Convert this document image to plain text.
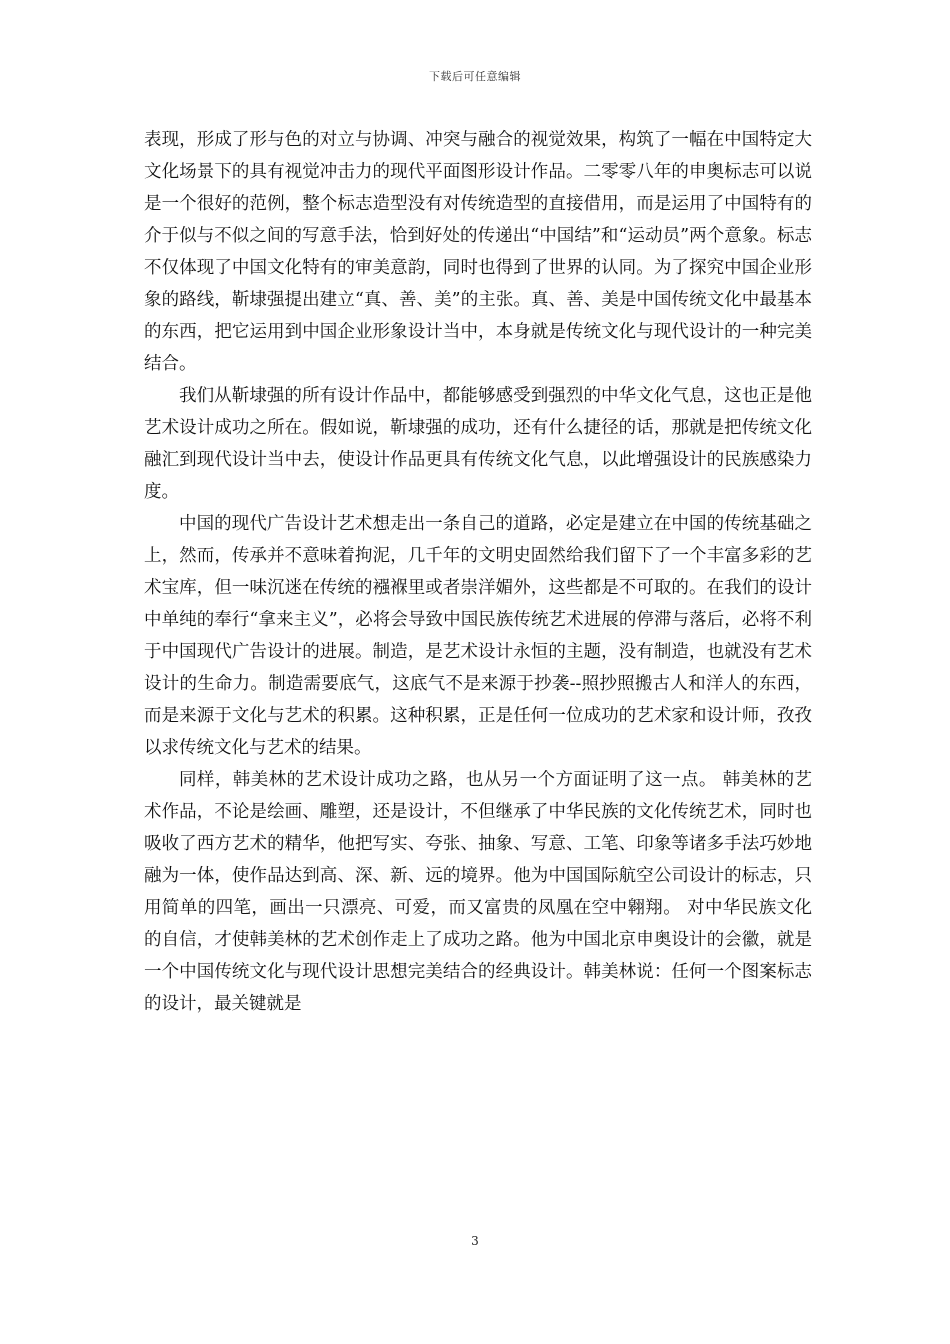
下载后可任意编辑

表现，形成了形与色的对立与协调、冲突与融合的视觉效果，构筑了一幅在中国特定大文化场景下的具有视觉冲击力的现代平面图形设计作品。二零零八年的申奥标志可以说是一个很好的范例，整个标志造型没有对传统造型的直接借用，而是运用了中国特有的介于似与不似之间的写意手法，恰到好处的传递出“中国结”和“运动员”两个意象。标志不仅体现了中国文化特有的审美意韵，同时也得到了世界的认同。为了探究中国企业形象的路线，靳埭强提出建立“真、善、美”的主张。真、善、美是中国传统文化中最基本的东西，把它运用到中国企业形象设计当中，本身就是传统文化与现代设计的一种完美结合。

我们从靳埭强的所有设计作品中，都能够感受到强烈的中华文化气息，这也正是他艺术设计成功之所在。假如说，靳埭强的成功，还有什么捷径的话，那就是把传统文化融汇到现代设计当中去，使设计作品更具有传统文化气息，以此增强设计的民族感染力度。

中国的现代广告设计艺术想走出一条自己的道路，必定是建立在中国的传统基础之上，然而，传承并不意味着拘泥，几千年的文明史固然给我们留下了一个丰富多彩的艺术宝库，但一味沉迷在传统的襁褓里或者崇洋媚外，这些都是不可取的。在我们的设计中单纯的奉行“拿来主义”，必将会导致中国民族传统艺术进展的停滞与落后，必将不利于中国现代广告设计的进展。制造，是艺术设计永恒的主题，没有制造，也就没有艺术设计的生命力。制造需要底气，这底气不是来源于抄袭--照抄照搬古人和洋人的东西，而是来源于文化与艺术的积累。这种积累，正是任何一位成功的艺术家和设计师，孜孜以求传统文化与艺术的结果。

同样，韩美林的艺术设计成功之路，也从另一个方面证明了这一点。 韩美林的艺术作品，不论是绘画、雕塑，还是设计，不但继承了中华民族的文化传统艺术，同时也吸收了西方艺术的精华，他把写实、夸张、抽象、写意、工笔、印象等诸多手法巧妙地融为一体，使作品达到高、深、新、远的境界。他为中国国际航空公司设计的标志，只用简单的四笔，画出一只漂亮、可爱，而又富贵的凤凰在空中翱翔。 对中华民族文化的自信，才使韩美林的艺术创作走上了成功之路。他为中国北京申奥设计的会徽，就是一个中国传统文化与现代设计思想完美结合的经典设计。韩美林说：任何一个图案标志的设计，最关键就是

3
